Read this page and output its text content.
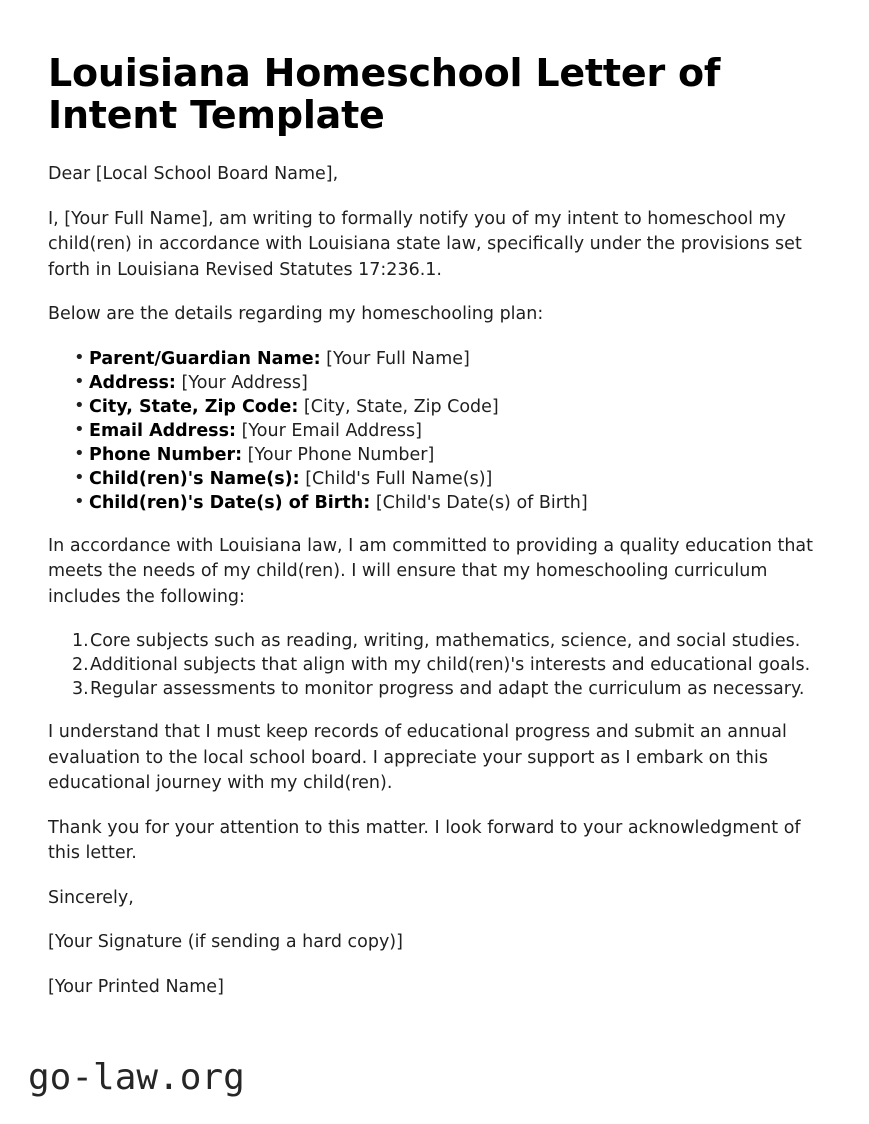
Louisiana Homeschool Letter of Intent Template

Dear [Local School Board Name],

I, [Your Full Name], am writing to formally notify you of my intent to homeschool my child(ren) in accordance with Louisiana state law, specifically under the provisions set forth in Louisiana Revised Statutes 17:236.1.

Below are the details regarding my homeschooling plan:

• Parent/Guardian Name: [Your Full Name]
• Address: [Your Address]
• City, State, Zip Code: [City, State, Zip Code]
• Email Address: [Your Email Address]
• Phone Number: [Your Phone Number]
• Child(ren)'s Name(s): [Child's Full Name(s)]
• Child(ren)'s Date(s) of Birth: [Child's Date(s) of Birth]

In accordance with Louisiana law, I am committed to providing a quality education that meets the needs of my child(ren). I will ensure that my homeschooling curriculum includes the following:

Core subjects such as reading, writing, mathematics, science, and social studies.
Additional subjects that align with my child(ren)'s interests and educational goals.
Regular assessments to monitor progress and adapt the curriculum as necessary.

I understand that I must keep records of educational progress and submit an annual evaluation to the local school board. I appreciate your support as I embark on this educational journey with my child(ren).

Thank you for your attention to this matter. I look forward to your acknowledgment of this letter.

Sincerely,

[Your Signature (if sending a hard copy)]

[Your Printed Name]

go-law.org
